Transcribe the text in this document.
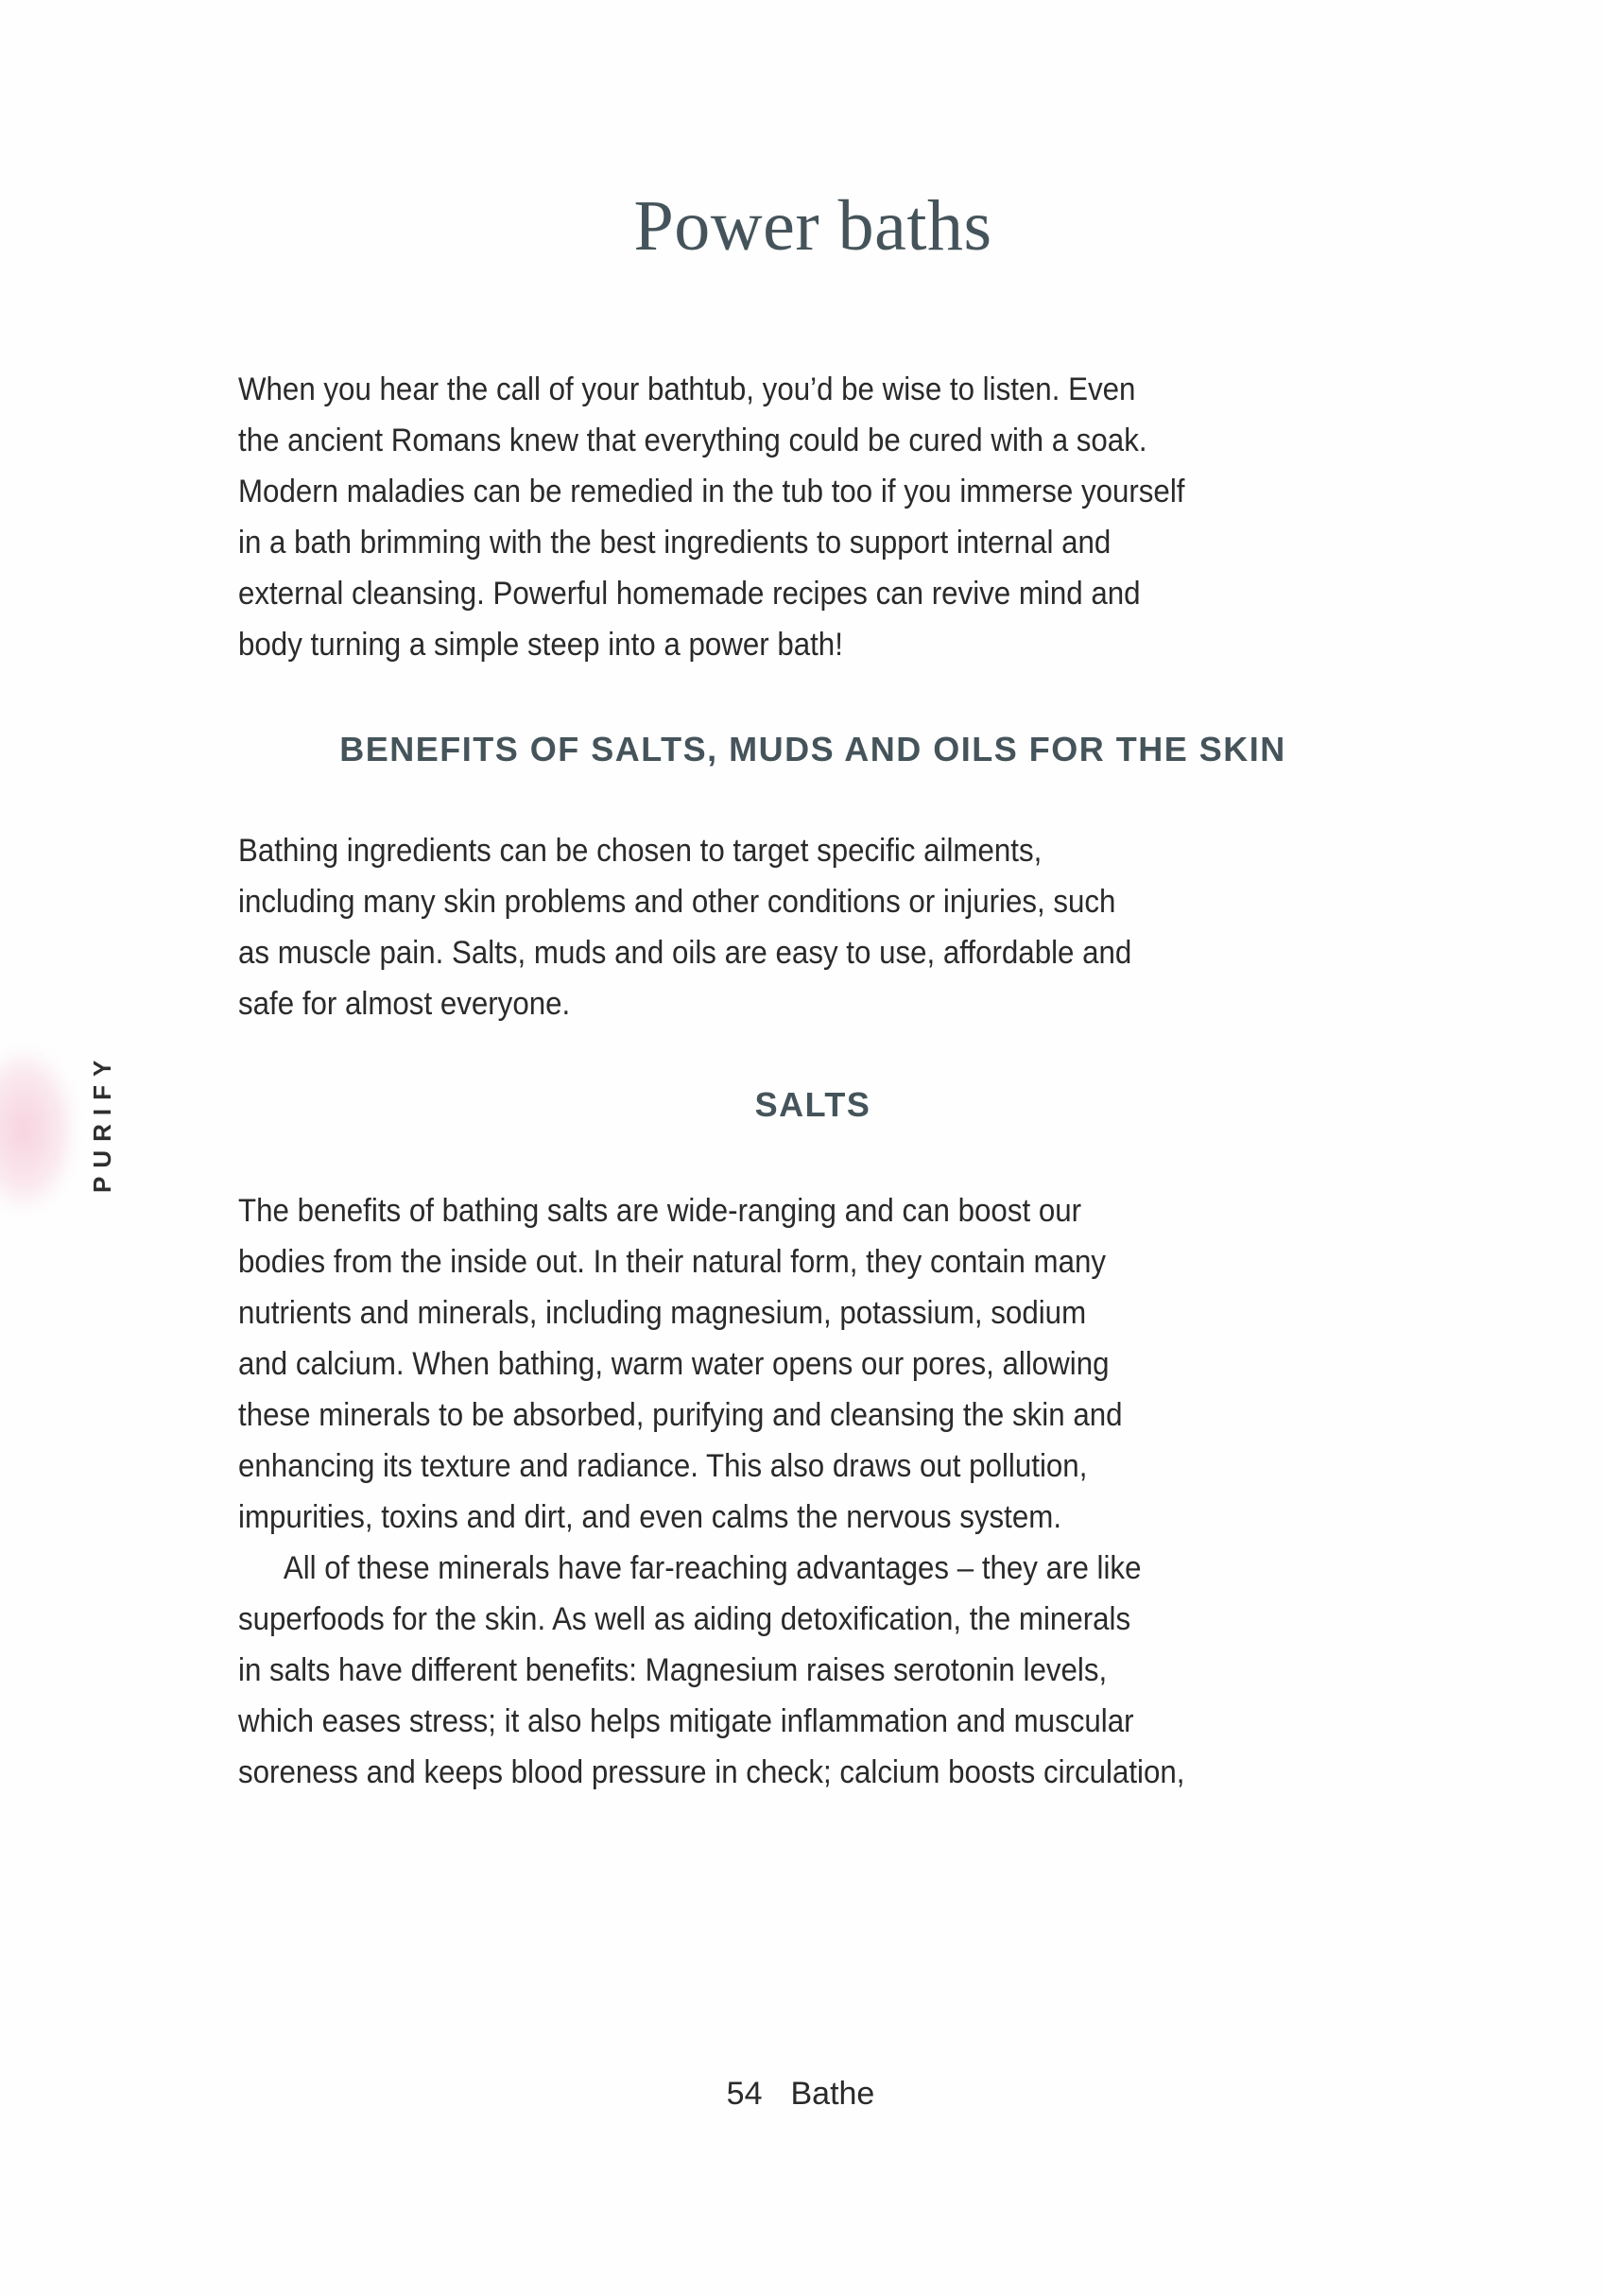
PURIFY
Power baths

When you hear the call of your bathtub, you’d be wise to listen. Even
the ancient Romans knew that everything could be cured with a soak.
Modern maladies can be remedied in the tub too if you immerse yourself
in a bath brimming with the best ingredients to support internal and
external cleansing. Powerful homemade recipes can revive mind and
body turning a simple steep into a power bath!

BENEFITS OF SALTS, MUDS AND OILS FOR THE SKIN

Bathing ingredients can be chosen to target specific ailments,
including many skin problems and other conditions or injuries, such
as muscle pain. Salts, muds and oils are easy to use, affordable and
safe for almost everyone.

SALTS

The benefits of bathing salts are wide-ranging and can boost our
bodies from the inside out. In their natural form, they contain many
nutrients and minerals, including magnesium, potassium, sodium
and calcium. When bathing, warm water opens our pores, allowing
these minerals to be absorbed, purifying and cleansing the skin and
enhancing its texture and radiance. This also draws out pollution,
impurities, toxins and dirt, and even calms the nervous system.
All of these minerals have far-reaching advantages – they are like
superfoods for the skin. As well as aiding detoxification, the minerals
in salts have different benefits: Magnesium raises serotonin levels,
which eases stress; it also helps mitigate inflammation and muscular
soreness and keeps blood pressure in check; calcium boosts circulation,

54 Bathe
